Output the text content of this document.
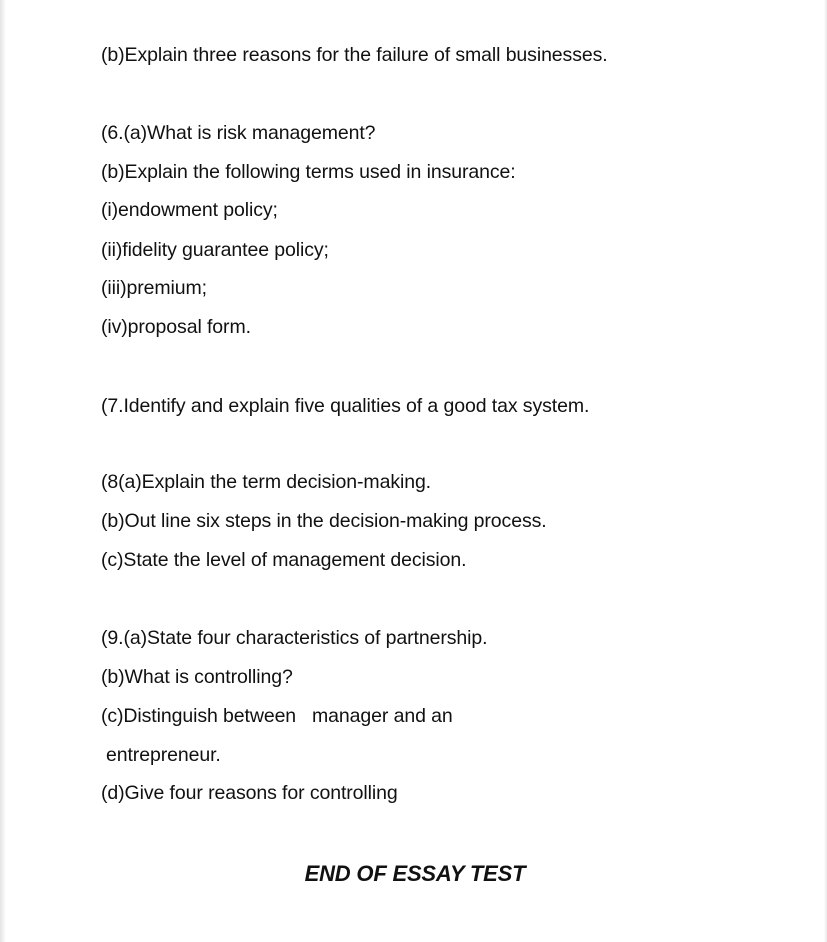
(b)Explain three reasons for the failure of small businesses.
(6.(a)What is risk management?
(b)Explain the following terms used in insurance:
(i)endowment policy;
(ii)fidelity guarantee policy;
(iii)premium;
(iv)proposal form.
(7.Identify and explain five qualities of a good tax system.
(8(a)Explain the term decision-making.
(b)Out line six steps in the decision-making process.
(c)State the level of management decision.
(9.(a)State four characteristics of partnership.
(b)What is controlling?
(c)Distinguish between   manager and an
entrepreneur.
(d)Give four reasons for controlling
END OF ESSAY TEST
